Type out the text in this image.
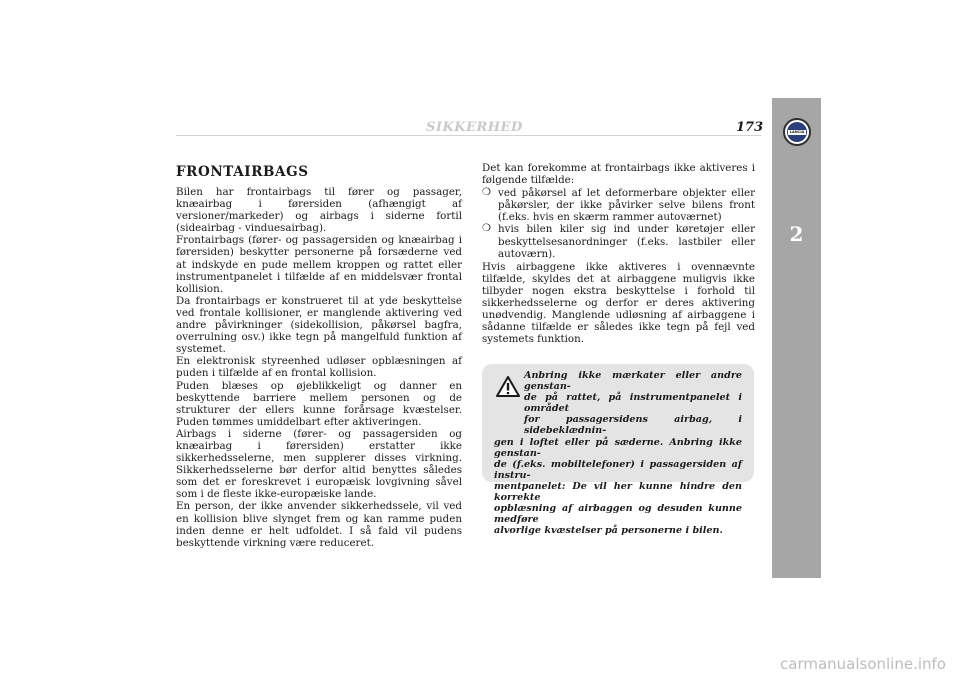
SIKKERHED	173	LANCIA
2
FRONTAIRBAGS

Bilen har frontairbags til fører og passager, knæairbag i førersiden (afhængigt af versioner/markeder) og airbags i siderne fortil (sideairbag - vinduesairbag).

Frontairbags (fører- og passagersiden og knæairbag i førersiden) beskytter personerne på forsæderne ved at indskyde en pude mellem kroppen og rattet eller instrumentpanelet i tilfælde af en middelsvær frontal kollision.

Da frontairbags er konstrueret til at yde beskyttelse ved frontale kollisioner, er manglende aktivering ved andre påvirkninger (sidekollision, påkørsel bagfra, overrulning osv.) ikke tegn på mangelfuld funktion af systemet.

En elektronisk styreenhed udløser opblæsningen af puden i tilfælde af en frontal kollision.

Puden blæses op øjeblikkeligt og danner en beskyttende barriere mellem personen og de strukturer der ellers kunne forårsage kvæstelser. Puden tømmes umiddelbart efter aktiveringen.

Airbags i siderne (fører- og passagersiden og knæairbag i førersiden) erstatter ikke sikkerhedsselerne, men supplerer disses virkning. Sikkerhedsselerne bør derfor altid benyttes således som det er foreskrevet i europæisk lovgivning såvel som i de fleste ikke-europæiske lande.

En person, der ikke anvender sikkerhedssele, vil ved en kollision blive slynget frem og kan ramme puden inden denne er helt udfoldet. I så fald vil pudens beskyttende virkning være reduceret.

Det kan forekomme at frontairbags ikke aktiveres i følgende tilfælde:

❍ ved påkørsel af let deformerbare objekter eller påkørsler, der ikke påvirker selve bilens front (f.eks. hvis en skærm rammer autoværnet)
❍ hvis bilen kiler sig ind under køretøjer eller beskyttelsesanordninger (f.eks. lastbiler eller autoværn).

Hvis airbaggene ikke aktiveres i ovennævnte tilfælde, skyldes det at airbaggene muligvis ikke tilbyder nogen ekstra beskyttelse i forhold til sikkerhedsselerne og derfor er deres aktivering unødvendig. Manglende udløsning af airbaggene i sådanne tilfælde er således ikke tegn på fejl ved systemets funktion.

Anbring ikke mærkater eller andre genstan-
de på rattet, på instrumentpanelet i området
for passagersidens airbag, i sidebeklædnin-
gen i loftet eller på sæderne. Anbring ikke genstan-
de (f.eks. mobiltelefoner) i passagersiden af instru-
mentpanelet: De vil her kunne hindre den korrekte
opblæsning af airbaggen og desuden kunne medføre
alvorlige kvæstelser på personerne i bilen.
carmanualsonline.info
